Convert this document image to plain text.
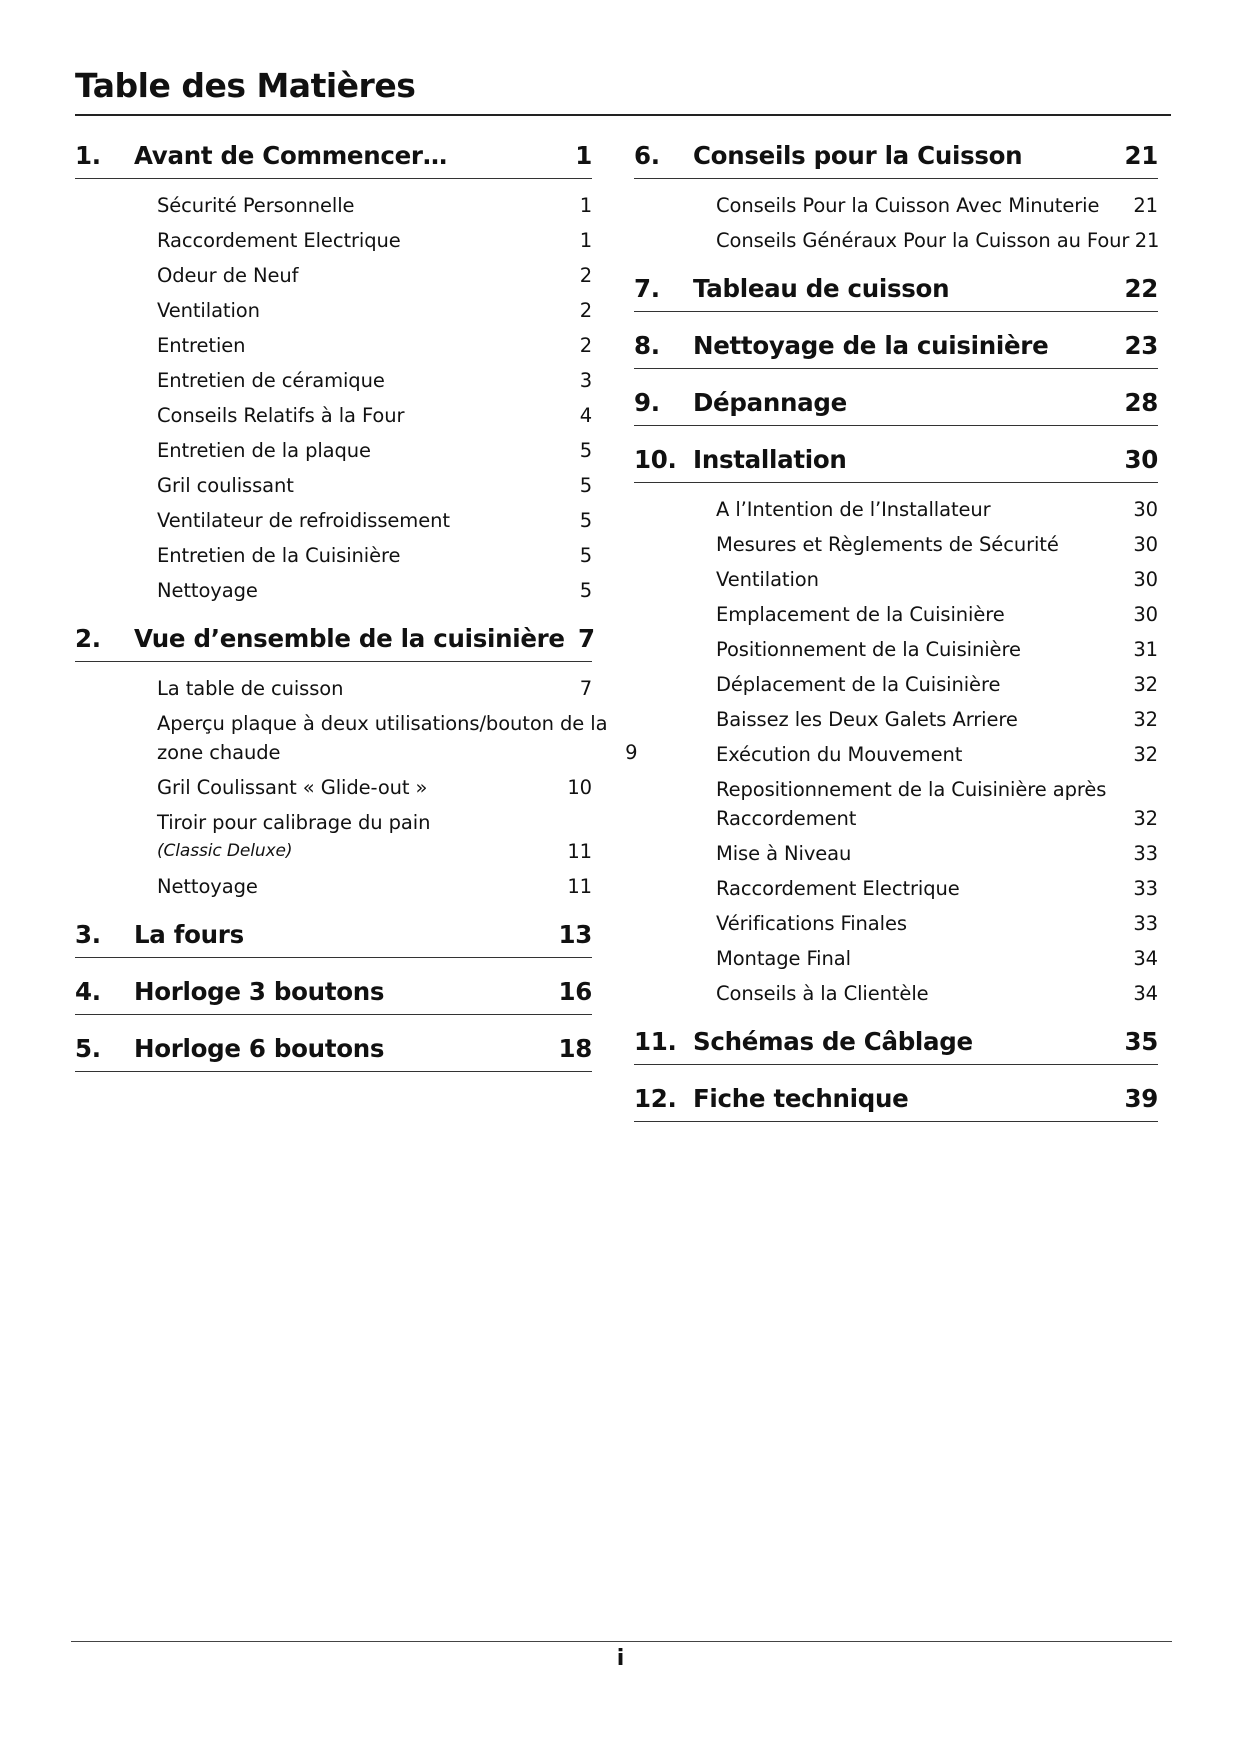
Table des Matières
1.	Avant de Commencer…	1
Sécurité Personnelle	1
Raccordement Electrique	1
Odeur de Neuf	2
Ventilation	2
Entretien	2
Entretien de céramique	3
Conseils Relatifs à la Four	4
Entretien de la plaque	5
Gril coulissant	5
Ventilateur de refroidissement	5
Entretien de la Cuisinière	5
Nettoyage	5
2.	Vue d’ensemble de la cuisinière 7
La table de cuisson	7
Aperçu plaque à deux utilisations/bouton de la
zone chaude	9
Gril Coulissant « Glide-out »	10
Tiroir pour calibrage du pain
(Classic Deluxe)	11
Nettoyage	11
3.	La fours	13
4.	Horloge 3 boutons	16
5.	Horloge 6 boutons	18
6.	Conseils pour la Cuisson	21
Conseils Pour la Cuisson Avec Minuterie	21
Conseils Généraux Pour la Cuisson au Four 21
7.	Tableau de cuisson	22
8.	Nettoyage de la cuisinière	23
9.	Dépannage	28
10. Installation	30
A l’Intention de l’Installateur	30
Mesures et Règlements de Sécurité	30
Ventilation	30
Emplacement de la Cuisinière	30
Positionnement de la Cuisinière	31
Déplacement de la Cuisinière	32
Baissez les Deux Galets Arriere	32
Exécution du Mouvement	32
Repositionnement de la Cuisinière après
Raccordement	32
Mise à Niveau	33
Raccordement Electrique	33
Vérifications Finales	33
Montage Final	34
Conseils à la Clientèle	34
11. Schémas de Câblage	35
12. Fiche technique	39
i
